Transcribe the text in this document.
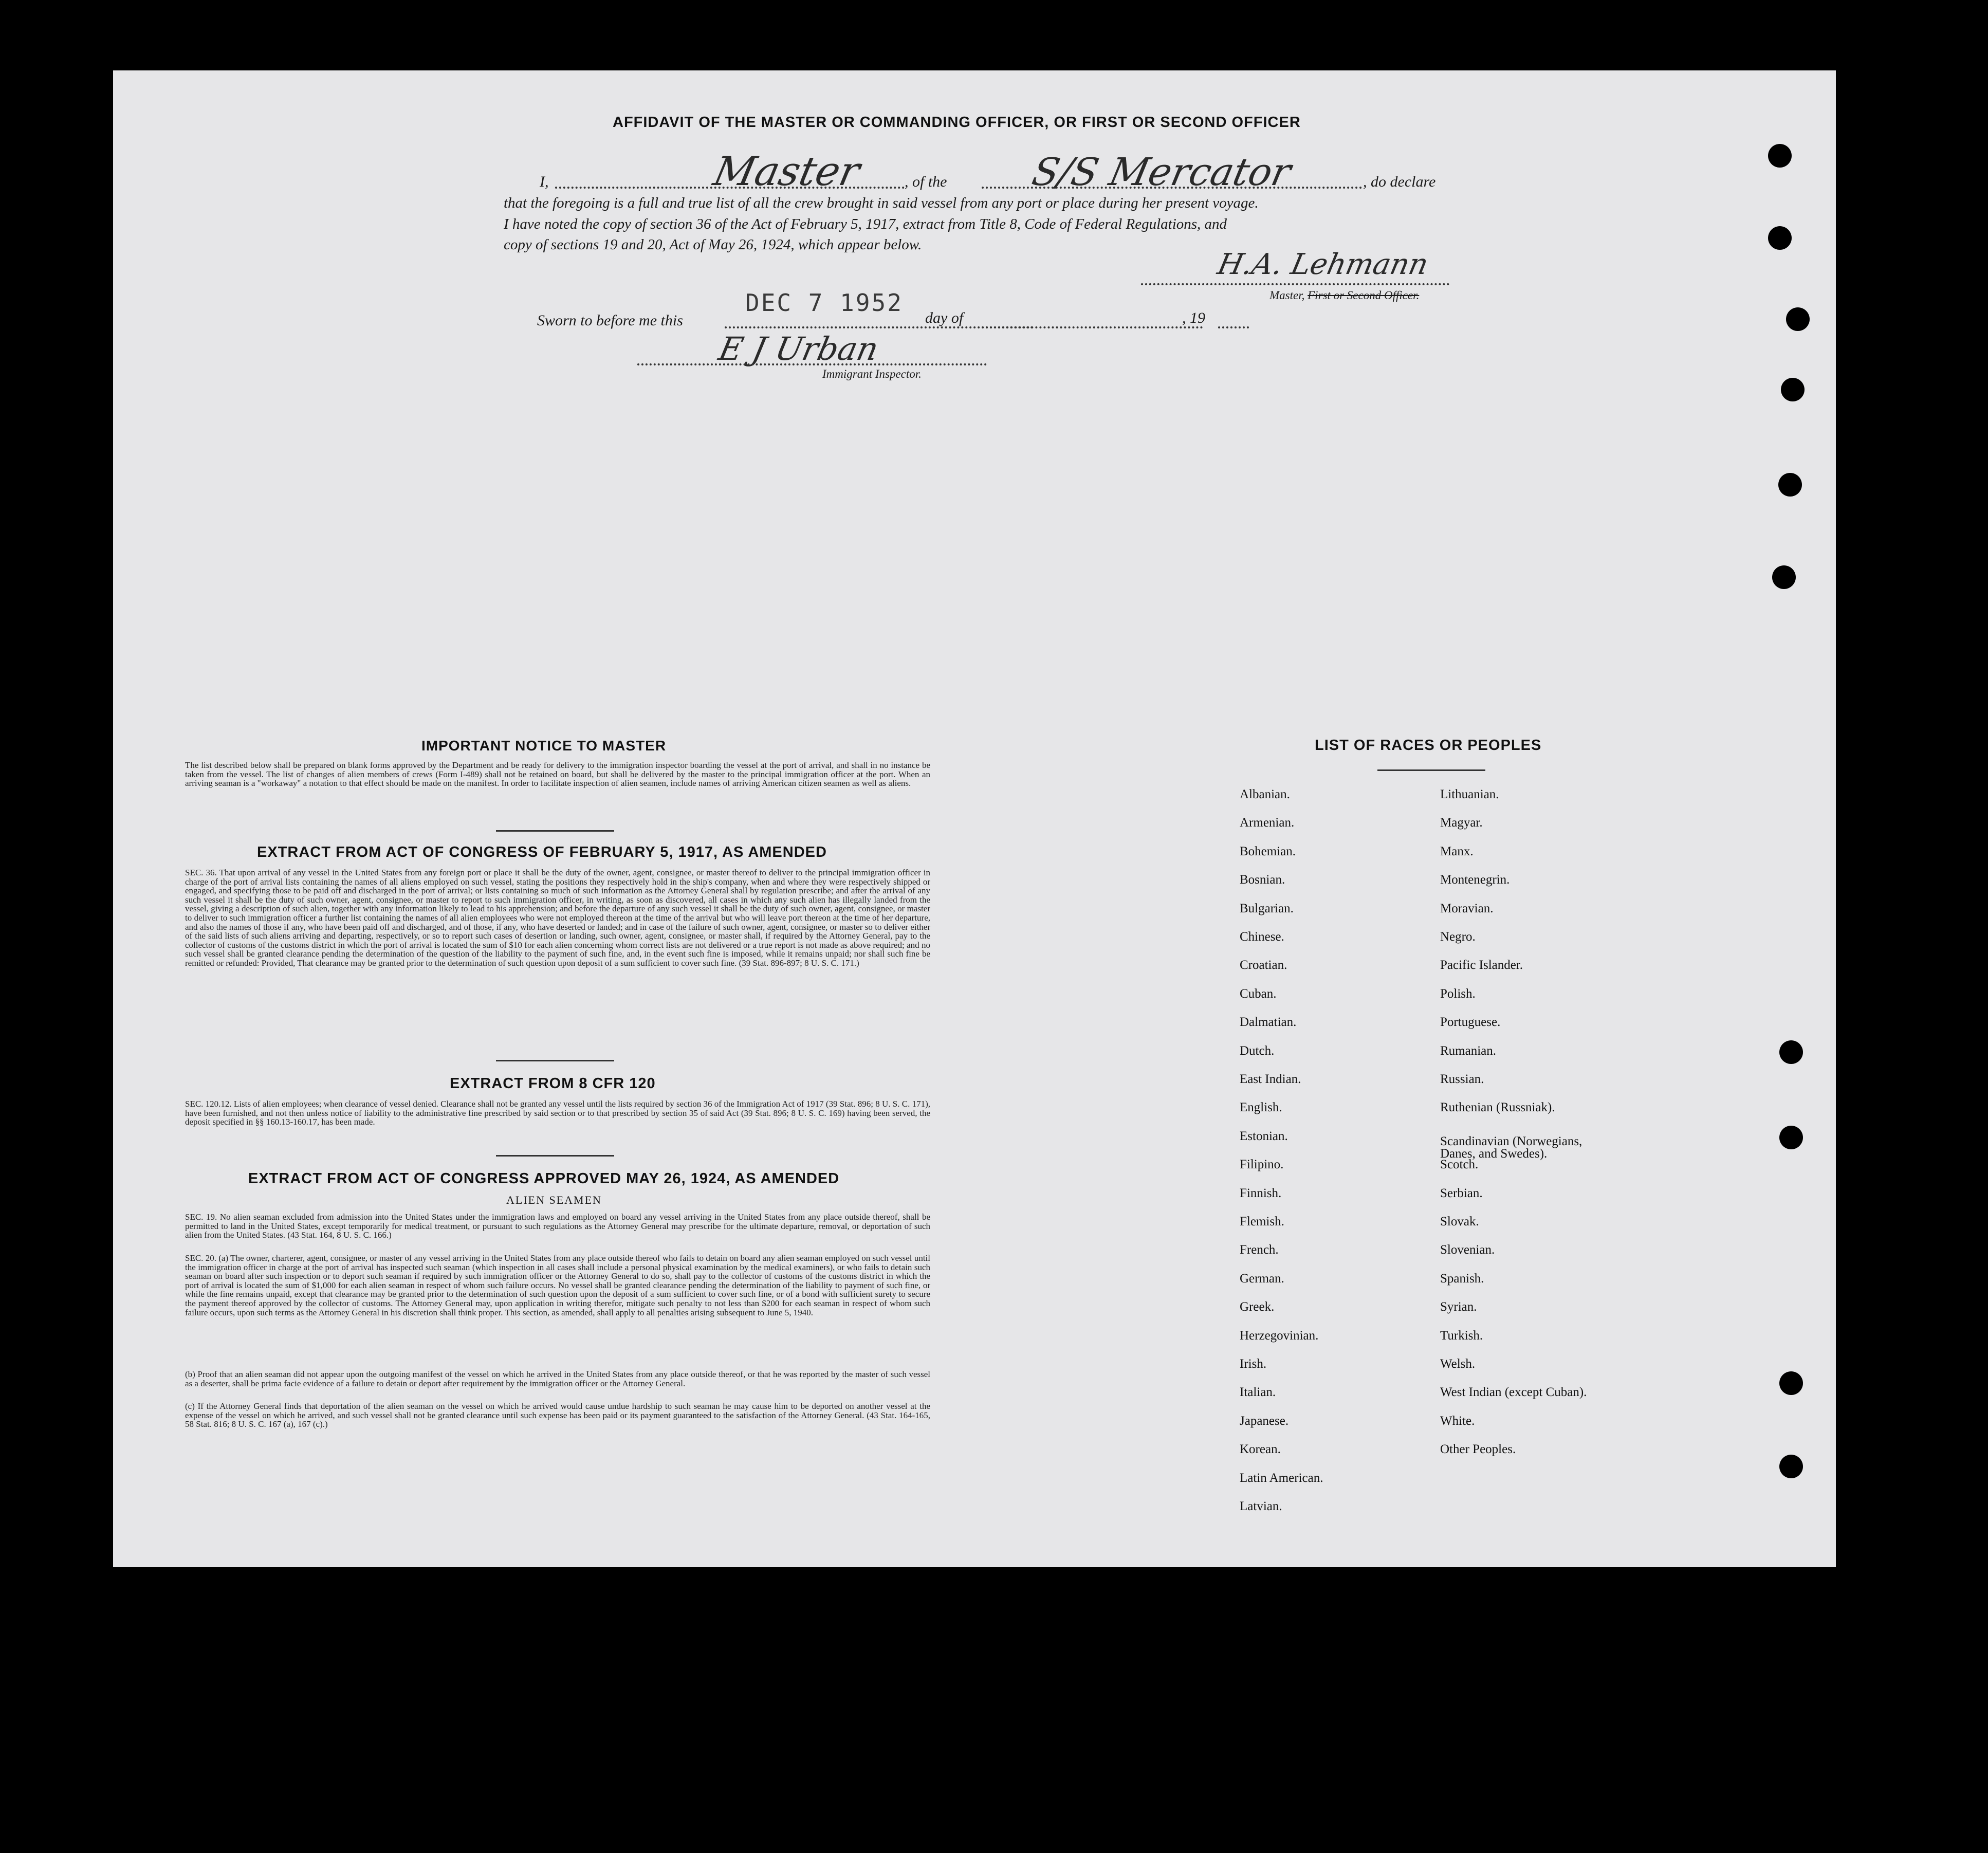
AFFIDAVIT OF THE MASTER OR COMMANDING OFFICER, OR FIRST OR SECOND OFFICER
I,	Master	, of the S/S Mercator	, do declare
that the foregoing is a full and true list of all the crew brought in said vessel from any port or place during her present voyage.
I have noted the copy of section 36 of the Act of February 5, 1917, extract from Title 8, Code of Federal Regulations, and
copy of sections 19 and 20, Act of May 26, 1924, which appear below.
H.A. Lehmann
Master, First or Second Officer.
Sworn to before me this
DEC 7 1952
day of	, 19
E J Urban
Immigrant Inspector.
IMPORTANT NOTICE TO MASTER

The list described below shall be prepared on blank forms approved by the Department and be ready for delivery to the immigration inspector boarding the vessel at the port of arrival, and shall in no instance be taken from the vessel. The list of changes of alien members of crews (Form I-489) shall not be retained on board, but shall be delivered by the master to the principal immigration officer at the port. When an arriving seaman is a "workaway" a notation to that effect should be made on the manifest. In order to facilitate inspection of alien seamen, include names of arriving American citizen seamen as well as aliens.

EXTRACT FROM ACT OF CONGRESS OF FEBRUARY 5, 1917, AS AMENDED

SEC. 36. That upon arrival of any vessel in the United States from any foreign port or place it shall be the duty of the owner, agent, consignee, or master thereof to deliver to the principal immigration officer in charge of the port of arrival lists containing the names of all aliens employed on such vessel, stating the positions they respectively hold in the ship's company, when and where they were respectively shipped or engaged, and specifying those to be paid off and discharged in the port of arrival; or lists containing so much of such information as the Attorney General shall by regulation prescribe; and after the arrival of any such vessel it shall be the duty of such owner, agent, consignee, or master to report to such immigration officer, in writing, as soon as discovered, all cases in which any such alien has illegally landed from the vessel, giving a description of such alien, together with any information likely to lead to his apprehension; and before the departure of any such vessel it shall be the duty of such owner, agent, consignee, or master to deliver to such immigration officer a further list containing the names of all alien employees who were not employed thereon at the time of the arrival but who will leave port thereon at the time of her departure, and also the names of those if any, who have been paid off and discharged, and of those, if any, who have deserted or landed; and in case of the failure of such owner, agent, consignee, or master so to deliver either of the said lists of such aliens arriving and departing, respectively, or so to report such cases of desertion or landing, such owner, agent, consignee, or master shall, if required by the Attorney General, pay to the collector of customs of the customs district in which the port of arrival is located the sum of $10 for each alien concerning whom correct lists are not delivered or a true report is not made as above required; and no such vessel shall be granted clearance pending the determination of the question of the liability to the payment of such fine, and, in the event such fine is imposed, while it remains unpaid; nor shall such fine be remitted or refunded: Provided, That clearance may be granted prior to the determination of such question upon deposit of a sum sufficient to cover such fine. (39 Stat. 896-897; 8 U. S. C. 171.)

EXTRACT FROM 8 CFR 120

SEC. 120.12. Lists of alien employees; when clearance of vessel denied. Clearance shall not be granted any vessel until the lists required by section 36 of the Immigration Act of 1917 (39 Stat. 896; 8 U. S. C. 171), have been furnished, and not then unless notice of liability to the administrative fine prescribed by said section or to that prescribed by section 35 of said Act (39 Stat. 896; 8 U. S. C. 169) having been served, the deposit specified in §§ 160.13-160.17, has been made.

EXTRACT FROM ACT OF CONGRESS APPROVED MAY 26, 1924, AS AMENDED
ALIEN SEAMEN

SEC. 19. No alien seaman excluded from admission into the United States under the immigration laws and employed on board any vessel arriving in the United States from any place outside thereof, shall be permitted to land in the United States, except temporarily for medical treatment, or pursuant to such regulations as the Attorney General may prescribe for the ultimate departure, removal, or deportation of such alien from the United States. (43 Stat. 164, 8 U. S. C. 166.)

SEC. 20. (a) The owner, charterer, agent, consignee, or master of any vessel arriving in the United States from any place outside thereof who fails to detain on board any alien seaman employed on such vessel until the immigration officer in charge at the port of arrival has inspected such seaman (which inspection in all cases shall include a personal physical examination by the medical examiners), or who fails to detain such seaman on board after such inspection or to deport such seaman if required by such immigration officer or the Attorney General to do so, shall pay to the collector of customs of the customs district in which the port of arrival is located the sum of $1,000 for each alien seaman in respect of whom such failure occurs. No vessel shall be granted clearance pending the determination of the liability to payment of such fine, or while the fine remains unpaid, except that clearance may be granted prior to the determination of such question upon the deposit of a sum sufficient to cover such fine, or of a bond with sufficient surety to secure the payment thereof approved by the collector of customs. The Attorney General may, upon application in writing therefor, mitigate such penalty to not less than $200 for each seaman in respect of whom such failure occurs, upon such terms as the Attorney General in his discretion shall think proper. This section, as amended, shall apply to all penalties arising subsequent to June 5, 1940.

(b) Proof that an alien seaman did not appear upon the outgoing manifest of the vessel on which he arrived in the United States from any place outside thereof, or that he was reported by the master of such vessel as a deserter, shall be prima facie evidence of a failure to detain or deport after requirement by the immigration officer or the Attorney General.

(c) If the Attorney General finds that deportation of the alien seaman on the vessel on which he arrived would cause undue hardship to such seaman he may cause him to be deported on another vessel at the expense of the vessel on which he arrived, and such vessel shall not be granted clearance until such expense has been paid or its payment guaranteed to the satisfaction of the Attorney General. (43 Stat. 164-165, 58 Stat. 816; 8 U. S. C. 167 (a), 167 (c).)

LIST OF RACES OR PEOPLES
Albanian.
Armenian.
Bohemian.
Bosnian.
Bulgarian.
Chinese.
Croatian.
Cuban.
Dalmatian.
Dutch.
East Indian.
English.
Estonian.
Filipino.
Finnish.
Flemish.
French.
German.
Greek.
Herzegovinian.
Irish.
Italian.
Japanese.
Korean.
Latin American.
Latvian.
Lithuanian.
Magyar.
Manx.
Montenegrin.
Moravian.
Negro.
Pacific Islander.
Polish.
Portuguese.
Rumanian.
Russian.
Ruthenian (Russniak).
Scandinavian (Norwegians,
Danes, and Swedes).
Scotch.
Serbian.
Slovak.
Slovenian.
Spanish.
Syrian.
Turkish.
Welsh.
West Indian (except Cuban).
White.
Other Peoples.
